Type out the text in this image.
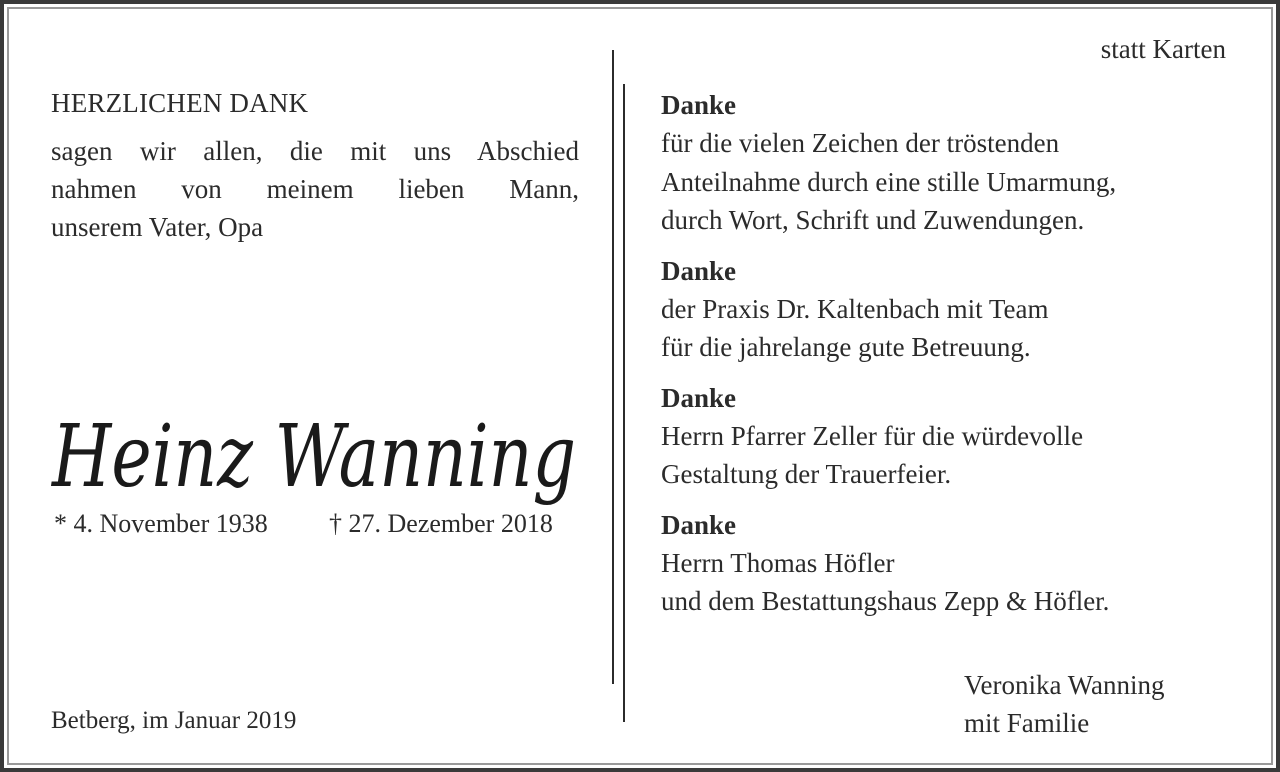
statt Karten
HERZLICHEN DANK
sagen wir allen, die mit uns Abschied
nahmen von meinem lieben Mann,
unserem Vater, Opa
Heinz Wanning
* 4. November 1938 † 27. Dezember 2018
Betberg, im Januar 2019
Danke
für die vielen Zeichen der tröstenden
Anteilnahme durch eine stille Umarmung,
durch Wort, Schrift und Zuwendungen.
Danke
der Praxis Dr. Kaltenbach mit Team
für die jahrelange gute Betreuung.
Danke
Herrn Pfarrer Zeller für die würdevolle
Gestaltung der Trauerfeier.
Danke
Herrn Thomas Höfler
und dem Bestattungshaus Zepp & Höfler.
Veronika Wanning
mit Familie
